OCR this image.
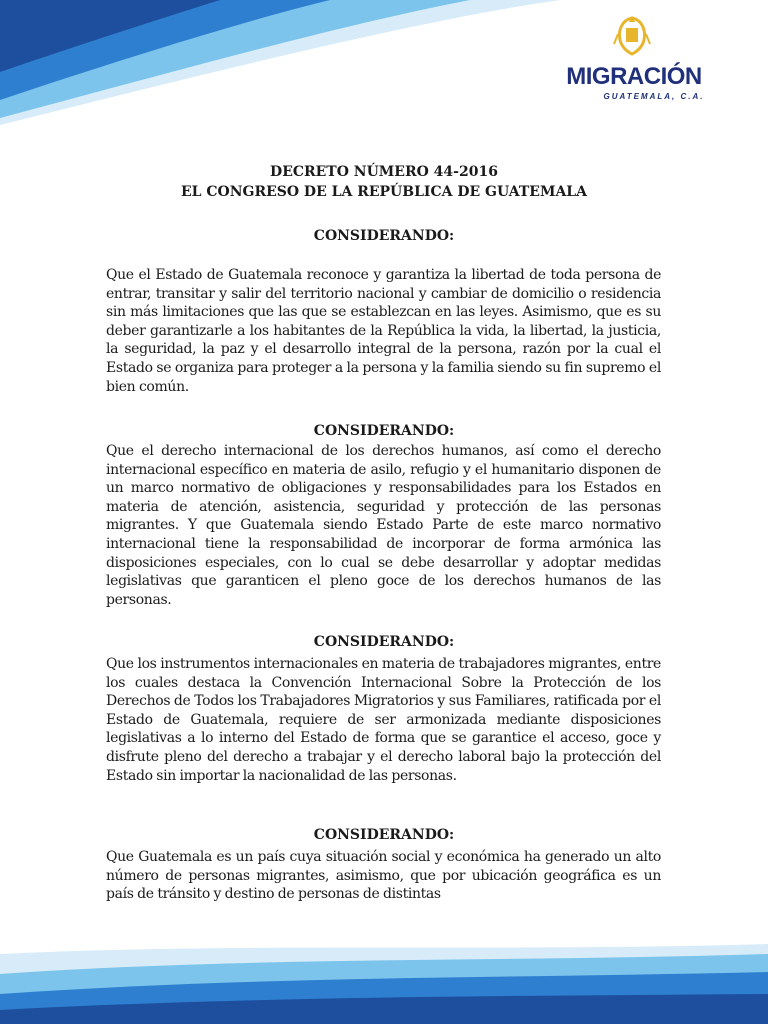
MIGRACIÓN
GUATEMALA, C.A.

DECRETO NÚMERO 44-2016

EL CONGRESO DE LA REPÚBLICA DE GUATEMALA

CONSIDERANDO:

Que el Estado de Guatemala reconoce y garantiza la libertad de toda persona de entrar, transitar y salir del territorio nacional y cambiar de domicilio o residencia sin más limitaciones que las que se establezcan en las leyes. Asimismo, que es su deber garantizarle a los habitantes de la República la vida, la libertad, la justicia, la seguridad, la paz y el desarrollo integral de la persona, razón por la cual el Estado se organiza para proteger a la persona y la familia siendo su fin supremo el bien común.

CONSIDERANDO:

Que el derecho internacional de los derechos humanos, así como el derecho internacional específico en materia de asilo, refugio y el humanitario disponen de un marco normativo de obligaciones y responsabilidades para los Estados en materia de atención, asistencia, seguridad y protección de las personas migrantes. Y que Guatemala siendo Estado Parte de este marco normativo internacional tiene la responsabilidad de incorporar de forma armónica las disposiciones especiales, con lo cual se debe desarrollar y adoptar medidas legislativas que garanticen el pleno goce de los derechos humanos de las personas.

CONSIDERANDO:

Que los instrumentos internacionales en materia de trabajadores migrantes, entre los cuales destaca la Convención Internacional Sobre la Protección de los Derechos de Todos los Trabajadores Migratorios y sus Familiares, ratificada por el Estado de Guatemala, requiere de ser armonizada mediante disposiciones legislativas a lo interno del Estado de forma que se garantice el acceso, goce y disfrute pleno del derecho a trabajar y el derecho laboral bajo la protección del Estado sin importar la nacionalidad de las personas.

CONSIDERANDO:

Que Guatemala es un país cuya situación social y económica ha generado un alto número de personas migrantes, asimismo, que por ubicación geográfica es un país de tránsito y destino de personas de distintas
